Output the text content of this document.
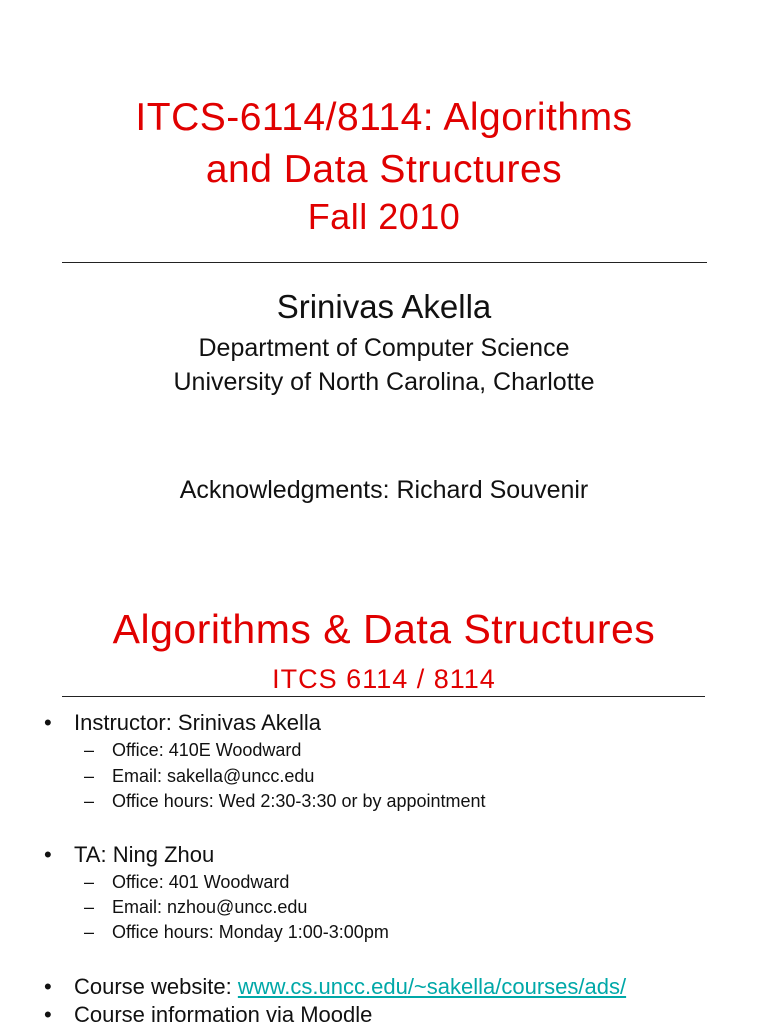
ITCS-6114/8114: Algorithms
and Data Structures
Fall 2010
Srinivas Akella
Department of Computer Science
University of North Carolina, Charlotte
Acknowledgments: Richard Souvenir
Algorithms & Data Structures
ITCS 6114 / 8114
• Instructor: Srinivas Akella
– Office: 410E Woodward
– Email: sakella@uncc.edu
– Office hours: Wed 2:30-3:30 or by appointment
• TA: Ning Zhou
– Office: 401 Woodward
– Email: nzhou@uncc.edu
– Office hours: Monday 1:00-3:00pm
• Course website: www.cs.uncc.edu/~sakella/courses/ads/
• Course information via Moodle
